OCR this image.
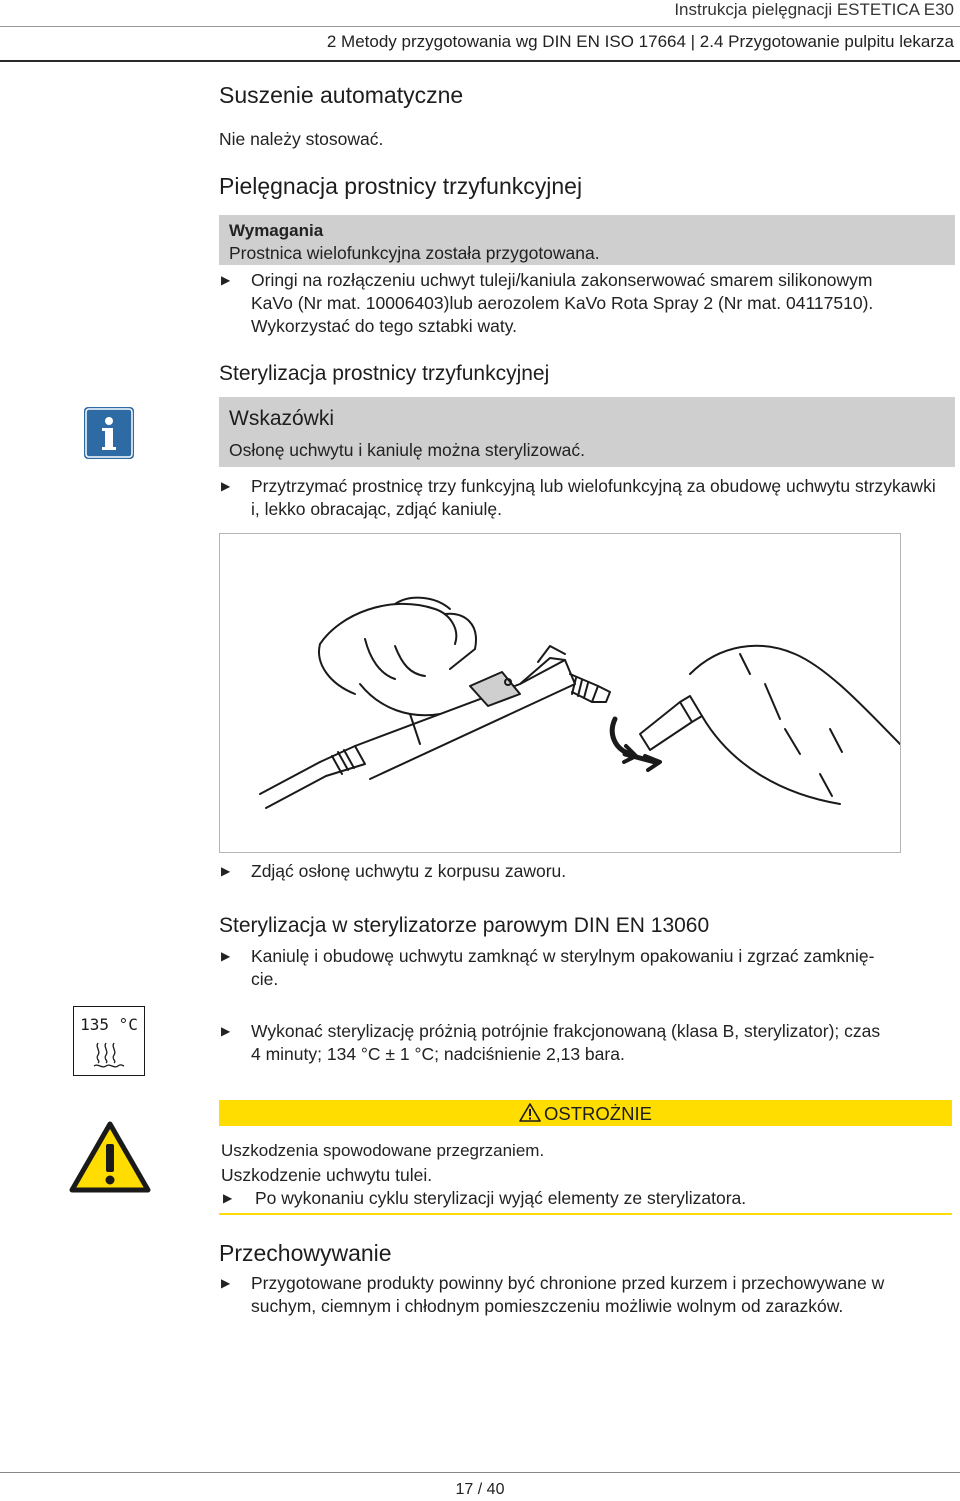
Instrukcja pielęgnacji ESTETICA E30
2 Metody przygotowania wg DIN EN ISO 17664 | 2.4 Przygotowanie pulpitu lekarza
Suszenie automatyczne
Nie należy stosować.
Pielęgnacja prostnicy trzyfunkcyjnej
Wymagania
Prostnica wielofunkcyjna została przygotowana.
▶	Oringi na rozłączeniu uchwyt tuleji/kaniula zakonserwować smarem silikonowym
KaVo (Nr mat. 10006403)lub aerozolem KaVo Rota Spray 2 (Nr mat. 04117510).
Wykorzystać do tego sztabki waty.
Sterylizacja prostnicy trzyfunkcyjnej
Wskazówki
Osłonę uchwytu i kaniulę można sterylizować.
▶	Przytrzymać prostnicę trzy funkcyjną lub wielofunkcyjną za obudowę uchwytu strzykawki i, lekko obracając, zdjąć kaniulę.
▶	Zdjąć osłonę uchwytu z korpusu zaworu.
Sterylizacja w sterylizatorze parowym DIN EN 13060
▶	Kaniulę i obudowę uchwytu zamknąć w sterylnym opakowaniu i zgrzać zamknię-
cie.
135 °C	▶	Wykonać sterylizację próżnią potrójnie frakcjonowaną (klasa B, sterylizator); czas
4 minuty; 134 °C ± 1 °C; nadciśnienie 2,13 bara.
OSTROŻNIE
Uszkodzenia spowodowane przegrzaniem.
Uszkodzenie uchwytu tulei.
▶	Po wykonaniu cyklu sterylizacji wyjąć elementy ze sterylizatora.
Przechowywanie
▶	Przygotowane produkty powinny być chronione przed kurzem i przechowywane w
suchym, ciemnym i chłodnym pomieszczeniu możliwie wolnym od zarazków.
17 / 40
